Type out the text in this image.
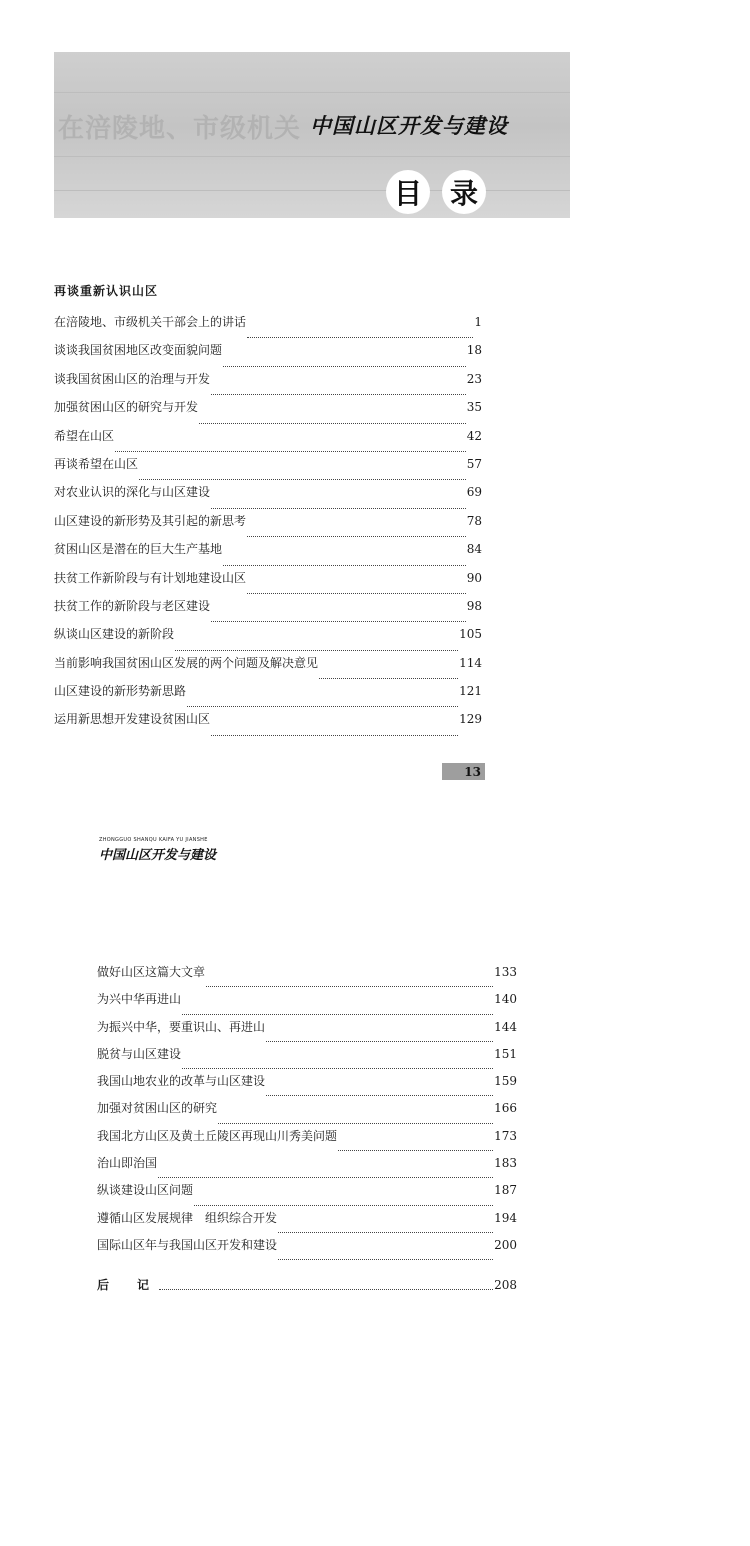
在涪陵地、市级机关 中国山区开发与建设
目 录
再谈重新认识山区
在涪陵地、市级机关干部会上的讲话	1
谈谈我国贫困地区改变面貌问题	18
谈我国贫困山区的治理与开发	23
加强贫困山区的研究与开发	35
希望在山区	42
再谈希望在山区	57
对农业认识的深化与山区建设	69
山区建设的新形势及其引起的新思考	78
贫困山区是潜在的巨大生产基地	84
扶贫工作新阶段与有计划地建设山区	90
扶贫工作的新阶段与老区建设	98
纵谈山区建设的新阶段	105
当前影响我国贫困山区发展的两个问题及解决意见	114
山区建设的新形势新思路	121
运用新思想开发建设贫困山区	129
13
ZHONGGUO SHANQU KAIFA YU JIANSHE
中国山区开发与建设
做好山区这篇大文章	133
为兴中华再进山	140
为振兴中华，要重识山、再进山	144
脱贫与山区建设	151
我国山地农业的改革与山区建设	159
加强对贫困山区的研究	166
我国北方山区及黄土丘陵区再现山川秀美问题	173
治山即治国	183
纵谈建设山区问题	187
遵循山区发展规律　组织综合开发	194
国际山区年与我国山区开发和建设	200
后　记	208
